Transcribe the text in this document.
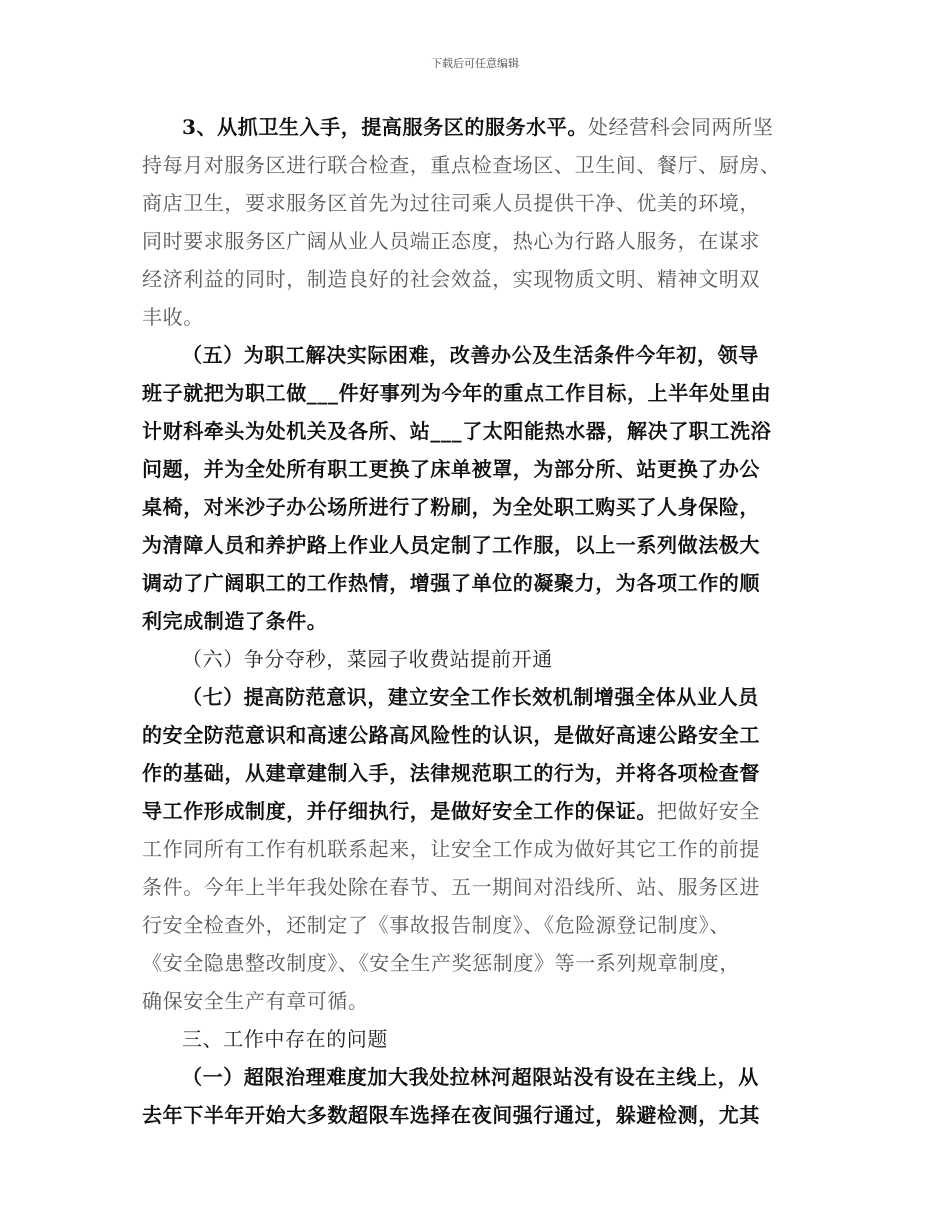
下载后可任意编辑
3、从抓卫生入手，提高服务区的服务水平。处经营科会同两所坚
持每月对服务区进行联合检查，重点检查场区、卫生间、餐厅、厨房、
商店卫生，要求服务区首先为过往司乘人员提供干净、优美的环境，
同时要求服务区广阔从业人员端正态度，热心为行路人服务，在谋求
经济利益的同时，制造良好的社会效益，实现物质文明、精神文明双
丰收。
（五）为职工解决实际困难，改善办公及生活条件今年初，领导
班子就把为职工做___件好事列为今年的重点工作目标，上半年处里由
计财科牵头为处机关及各所、站___了太阳能热水器，解决了职工洗浴
问题，并为全处所有职工更换了床单被罩，为部分所、站更换了办公
桌椅，对米沙子办公场所进行了粉刷，为全处职工购买了人身保险，
为清障人员和养护路上作业人员定制了工作服，以上一系列做法极大
调动了广阔职工的工作热情，增强了单位的凝聚力，为各项工作的顺
利完成制造了条件。
（六）争分夺秒，菜园子收费站提前开通
（七）提高防范意识，建立安全工作长效机制增强全体从业人员
的安全防范意识和高速公路高风险性的认识，是做好高速公路安全工
作的基础，从建章建制入手，法律规范职工的行为，并将各项检查督
导工作形成制度，并仔细执行，是做好安全工作的保证。把做好安全
工作同所有工作有机联系起来，让安全工作成为做好其它工作的前提
条件。今年上半年我处除在春节、五一期间对沿线所、站、服务区进
行安全检查外，还制定了《事故报告制度》、《危险源登记制度》、
《安全隐患整改制度》、《安全生产奖惩制度》等一系列规章制度，
确保安全生产有章可循。
三、工作中存在的问题
（一）超限治理难度加大我处拉林河超限站没有设在主线上，从
去年下半年开始大多数超限车选择在夜间强行通过，躲避检测，尤其
